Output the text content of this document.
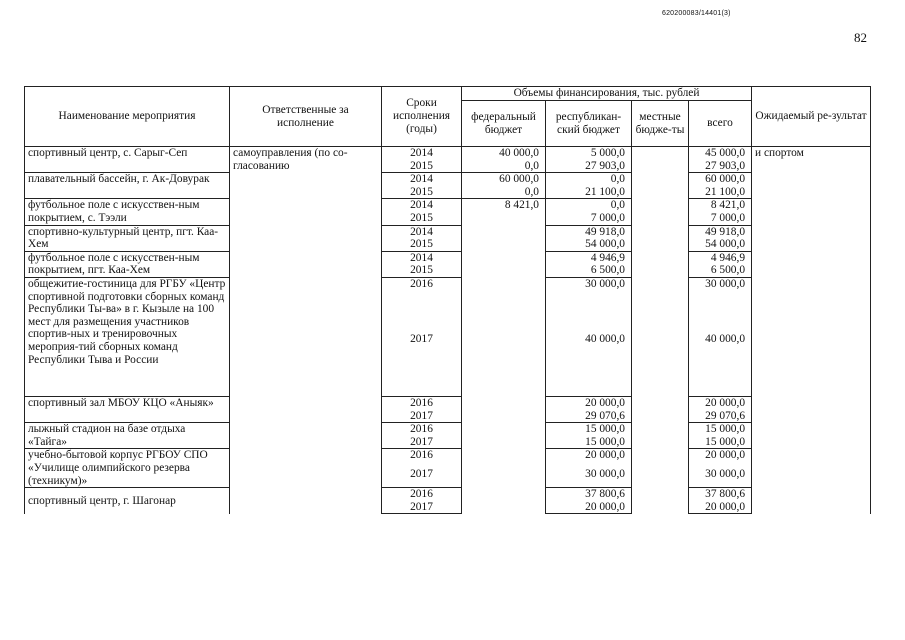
620200083/14401(3)
82
Наименование мероприятия	Ответственные за исполнение	Сроки исполнения (годы)	Объемы финансирования, тыс. рублей				Ожидаемый ре-зультат
			федеральный бюджет	республикан-ский бюджет	местные бюдже-ты	всего	
спортивный центр, с. Сарыг-Сеп	самоуправления (по со-гласованию	2014	40 000,0	5 000,0		45 000,0	и спортом
		2015	0,0	27 903,0		27 903,0	
плавательный бассейн, г. Ак-Довурак		2014	60 000,0	0,0		60 000,0	
		2015	0,0	21 100,0		21 100,0	
футбольное поле с искусствен-ным покрытием, с. Тээли		2014	8 421,0	0,0		8 421,0	
		2015		7 000,0		7 000,0	
спортивно-культурный центр, пгт. Каа-Хем		2014		49 918,0		49 918,0	
		2015		54 000,0		54 000,0	
футбольное поле с искусствен-ным покрытием, пгт. Каа-Хем		2014		4 946,9		4 946,9	
		2015		6 500,0		6 500,0	
общежитие-гостиница для РГБУ «Центр спортивной подготовки сборных команд Республики Ты-ва» в г. Кызыле на 100 мест для размещения участников спортив-ных и тренировочных мероприя-тий сборных команд Республики Тыва и России		2016		30 000,0		30 000,0	
		2017		40 000,0		40 000,0	
спортивный зал МБОУ КЦО «Аныяк»		2016		20 000,0		20 000,0	
		2017		29 070,6		29 070,6	
лыжный стадион на базе отдыха «Тайга»		2016		15 000,0		15 000,0	
		2017		15 000,0		15 000,0	
учебно-бытовой корпус РГБОУ СПО «Училище олимпийского резерва (техникум)»		2016		20 000,0		20 000,0	
		2017		30 000,0		30 000,0	
спортивный центр, г. Шагонар		2016		37 800,6		37 800,6	
		2017		20 000,0		20 000,0	
